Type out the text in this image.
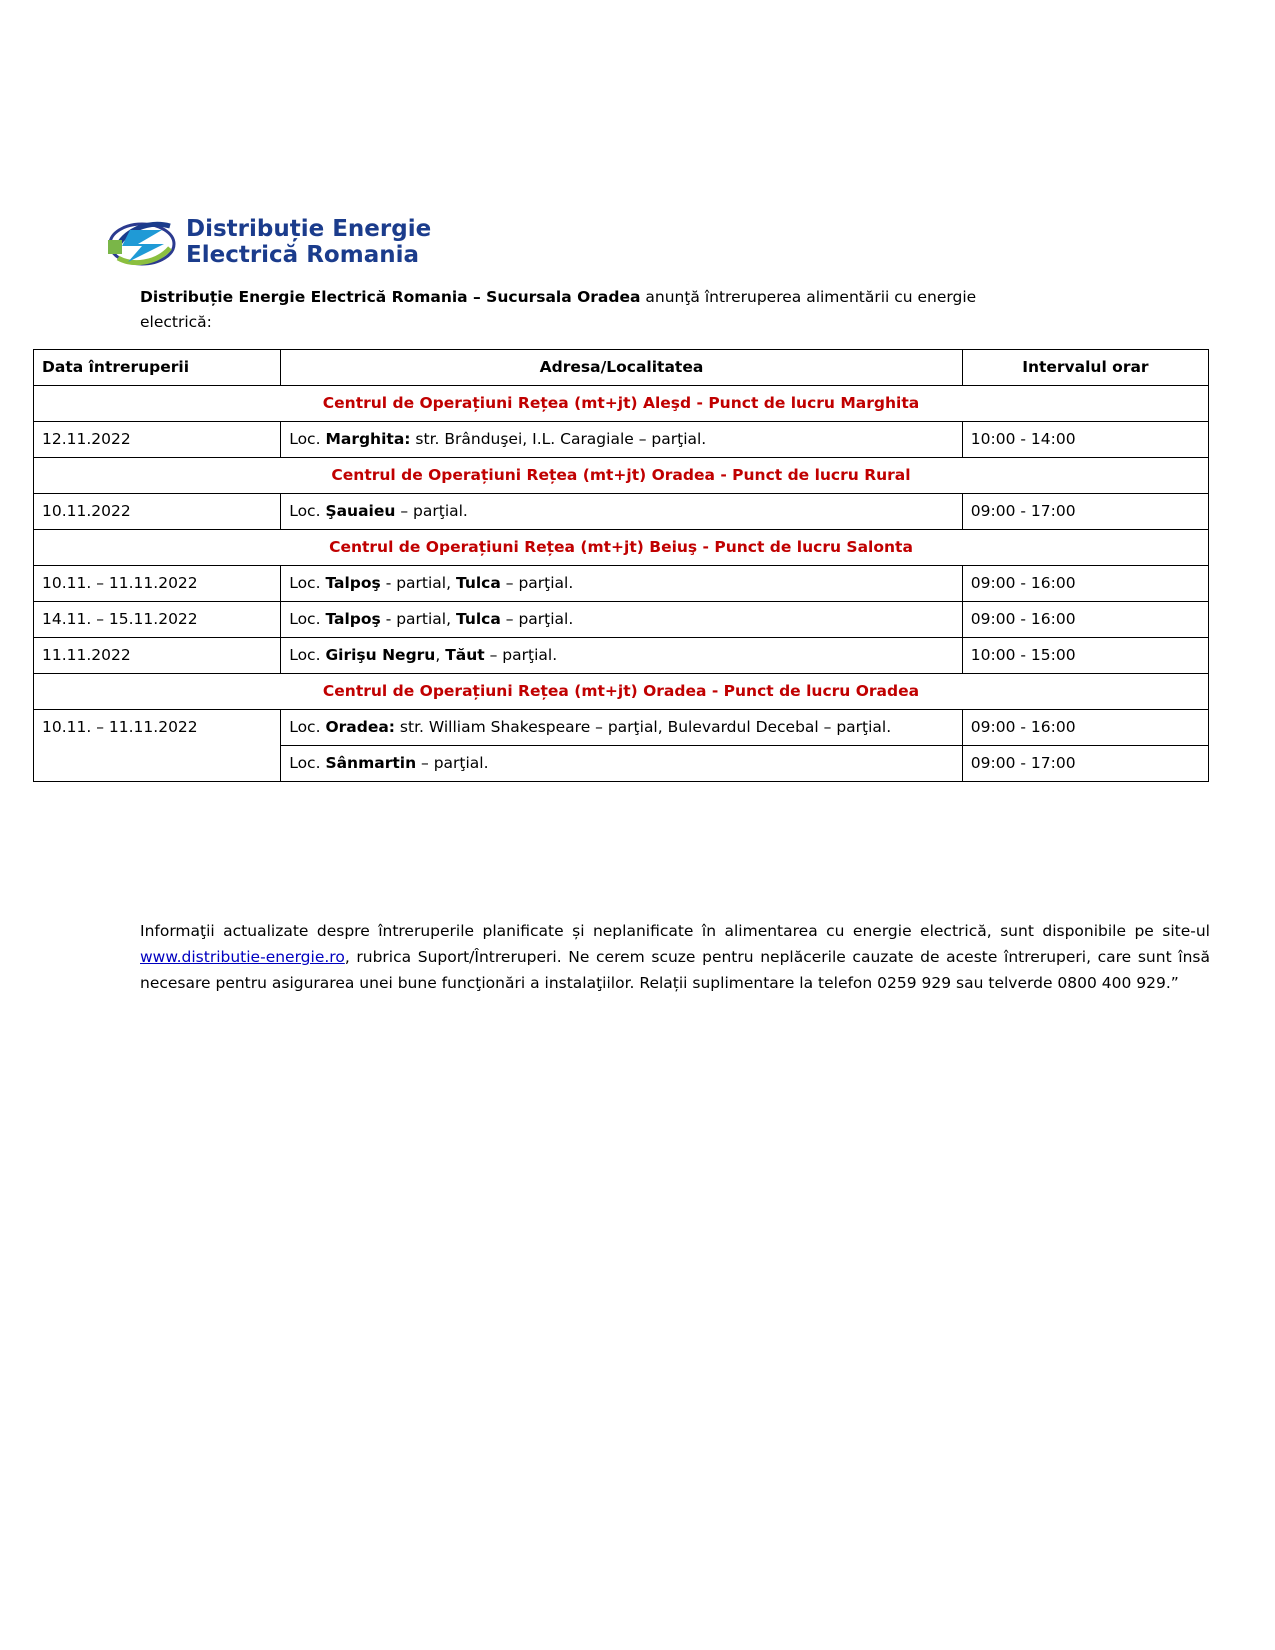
Distribuție Energie
Electrică Romania
Distribuție Energie Electrică Romania – Sucursala Oradea anunţă întreruperea alimentării cu energie electrică:
Data întreruperii	Adresa/Localitatea	Intervalul orar
Centrul de Operațiuni Rețea (mt+jt) Aleşd - Punct de lucru Marghita		
12.11.2022	Loc. Marghita: str. Brânduşei, I.L. Caragiale – parţial.	10:00 - 14:00
Centrul de Operațiuni Rețea (mt+jt) Oradea - Punct de lucru Rural		
10.11.2022	Loc. Şauaieu – parţial.	09:00 - 17:00
Centrul de Operațiuni Rețea (mt+jt) Beiuş - Punct de lucru Salonta		
10.11. – 11.11.2022	Loc. Talpoş - partial, Tulca – parţial.	09:00 - 16:00
14.11. – 15.11.2022	Loc. Talpoş - partial, Tulca – parţial.	09:00 - 16:00
11.11.2022	Loc. Girişu Negru, Tăut – parţial.	10:00 - 15:00
Centrul de Operațiuni Rețea (mt+jt) Oradea - Punct de lucru Oradea		
10.11. – 11.11.2022	Loc. Oradea: str. William Shakespeare – parţial, Bulevardul Decebal – parţial.	09:00 - 16:00
	Loc. Sânmartin – parţial.	09:00 - 17:00
Informaţii actualizate despre întreruperile planificate și neplanificate în alimentarea cu energie electrică, sunt disponibile pe site-ul www.distributie-energie.ro, rubrica Suport/Întreruperi. Ne cerem scuze pentru neplăcerile cauzate de aceste întreruperi, care sunt însă necesare pentru asigurarea unei bune funcţionări a instalaţiilor. Relații suplimentare la telefon 0259 929 sau telverde 0800 400 929.”
